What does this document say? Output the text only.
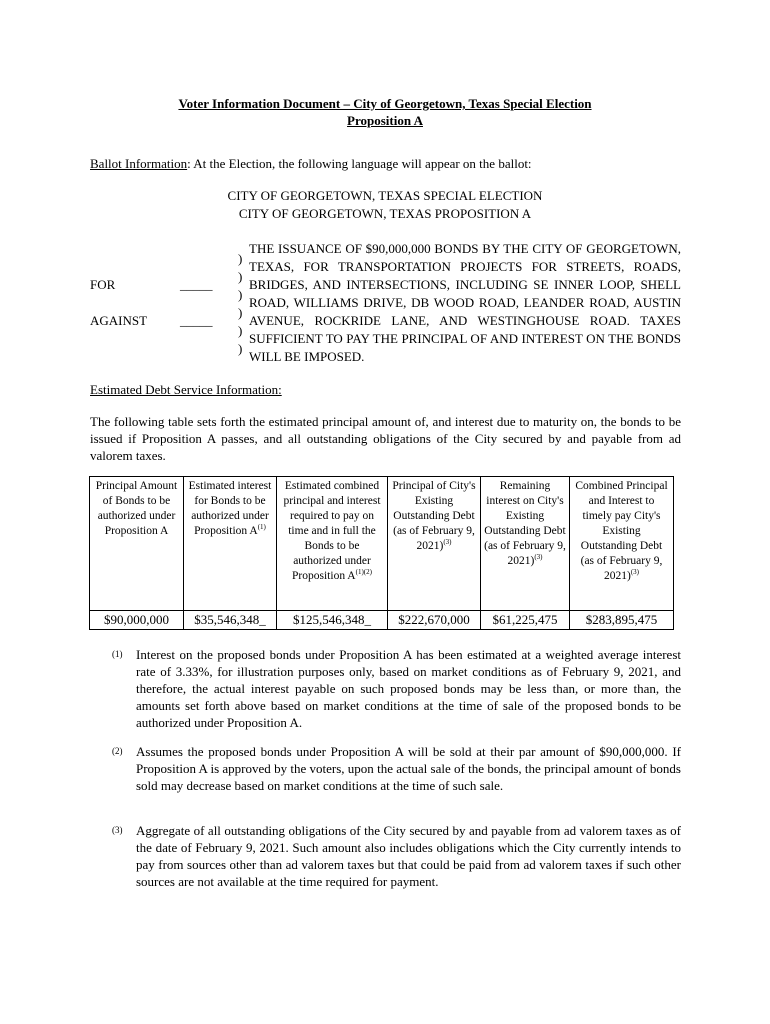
Voter Information Document – City of Georgetown, Texas Special Election
Proposition A
Ballot Information: At the Election, the following language will appear on the ballot:
CITY OF GEORGETOWN, TEXAS SPECIAL ELECTION
CITY OF GEORGETOWN, TEXAS PROPOSITION A
FOR	_____
AGAINST	_____
)
)
)
)
)
)
THE ISSUANCE OF $90,000,000 BONDS BY THE CITY OF GEORGETOWN, TEXAS, FOR TRANSPORTATION PROJECTS FOR STREETS, ROADS, BRIDGES, AND INTERSECTIONS, INCLUDING SE INNER LOOP, SHELL ROAD, WILLIAMS DRIVE, DB WOOD ROAD, LEANDER ROAD, AUSTIN AVENUE, ROCKRIDE LANE, AND WESTINGHOUSE ROAD. TAXES SUFFICIENT TO PAY THE PRINCIPAL OF AND INTEREST ON THE BONDS WILL BE IMPOSED.
Estimated Debt Service Information:
The following table sets forth the estimated principal amount of, and interest due to maturity on, the bonds to be issued if Proposition A passes, and all outstanding obligations of the City secured by and payable from ad valorem taxes.
Principal Amount of Bonds to be authorized under Proposition A	Estimated interest for Bonds to be authorized under Proposition $A^{(1)}$	Estimated combined principal and interest required to pay on time and in full the Bonds to be authorized under Proposition $A^{(1)(2)}$	Principal of City's Existing Outstanding Debt (as of February 9, 2021)$^{(3)}$	Remaining interest on City's Existing Outstanding Debt (as of February 9, 2021)$^{(3)}$	Combined Principal and Interest to timely pay City's Existing Outstanding Debt (as of February 9, 2021)$^{(3)}$
$90,000,000	$35,546,348_	$125,546,348_	$222,670,000	$61,225,475	$283,895,475
(1) Interest on the proposed bonds under Proposition A has been estimated at a weighted average interest rate of 3.33%, for illustration purposes only, based on market conditions as of February 9, 2021, and therefore, the actual interest payable on such proposed bonds may be less than, or more than, the amounts set forth above based on market conditions at the time of sale of the proposed bonds to be authorized under Proposition A.
(2) Assumes the proposed bonds under Proposition A will be sold at their par amount of $90,000,000. If Proposition A is approved by the voters, upon the actual sale of the bonds, the principal amount of bonds sold may decrease based on market conditions at the time of such sale.
(3) Aggregate of all outstanding obligations of the City secured by and payable from ad valorem taxes as of the date of February 9, 2021. Such amount also includes obligations which the City currently intends to pay from sources other than ad valorem taxes but that could be paid from ad valorem taxes if such other sources are not available at the time required for payment.
